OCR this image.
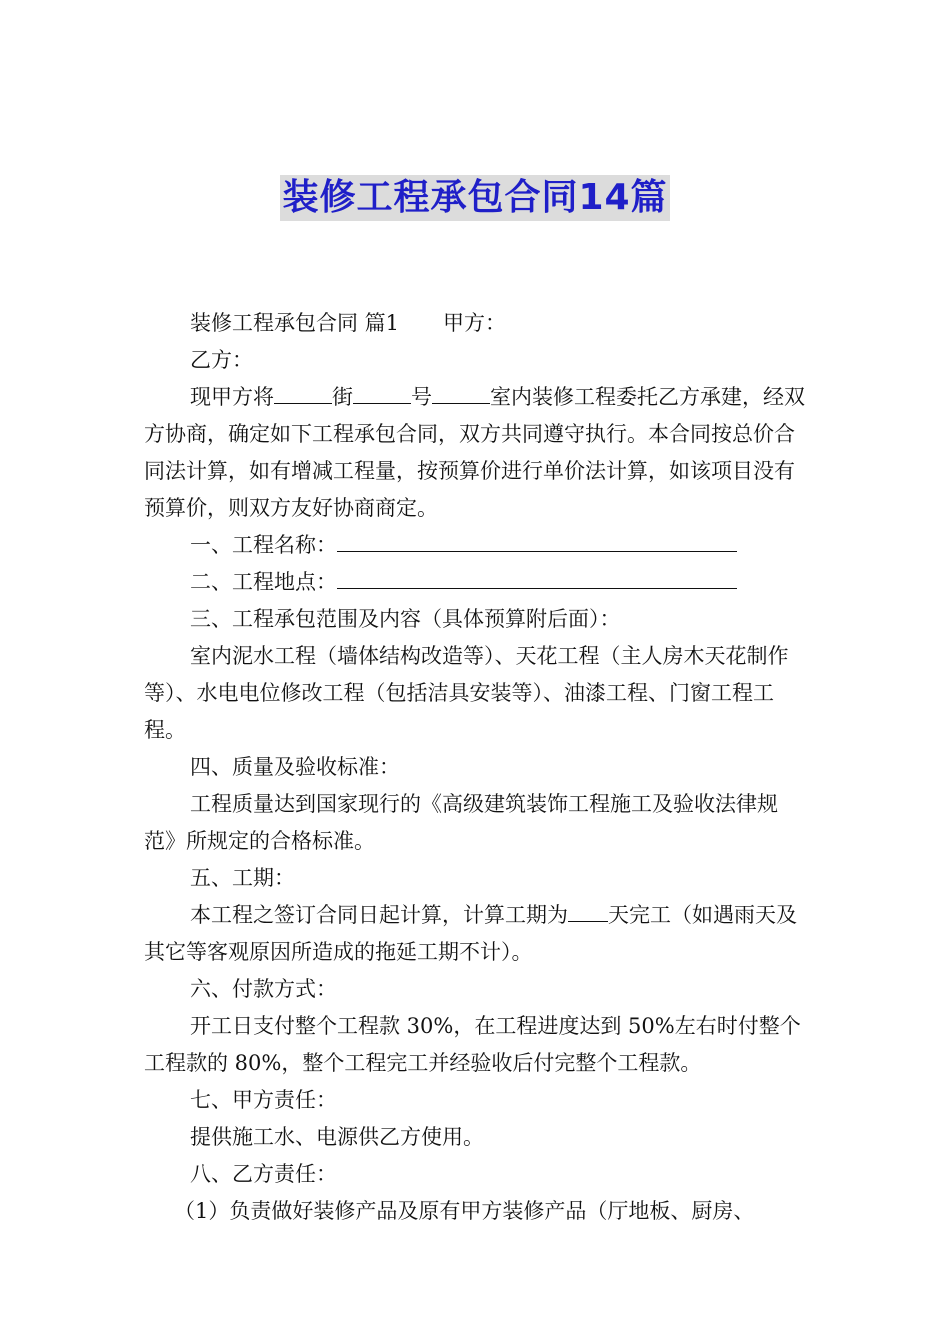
装修工程承包合同14篇

装修工程承包合同 篇1 甲方：

乙方：

现甲方将	街	号	室内装修工程委托乙方承建，经双方协商，确定如下工程承包合同，双方共同遵守执行。本合同按总价合同法计算，如有增减工程量，按预算价进行单价法计算，如该项目没有预算价，则双方友好协商商定。

一、工程名称：

二、工程地点：

三、工程承包范围及内容（具体预算附后面）：

室内泥水工程（墙体结构改造等）、天花工程（主人房木天花制作等）、水电电位修改工程（包括洁具安装等）、油漆工程、门窗工程工程。

四、质量及验收标准：

工程质量达到国家现行的《高级建筑装饰工程施工及验收法律规范》所规定的合格标准。

五、工期：

本工程之签订合同日起计算，计算工期为 天完工（如遇雨天及其它等客观原因所造成的拖延工期不计）。

六、付款方式：

开工日支付整个工程款 30%，在工程进度达到 50%左右时付整个工程款的 80%，整个工程完工并经验收后付完整个工程款。

七、甲方责任：

提供施工水、电源供乙方使用。

八、乙方责任：

（1）负责做好装修产品及原有甲方装修产品（厅地板、厨房、
